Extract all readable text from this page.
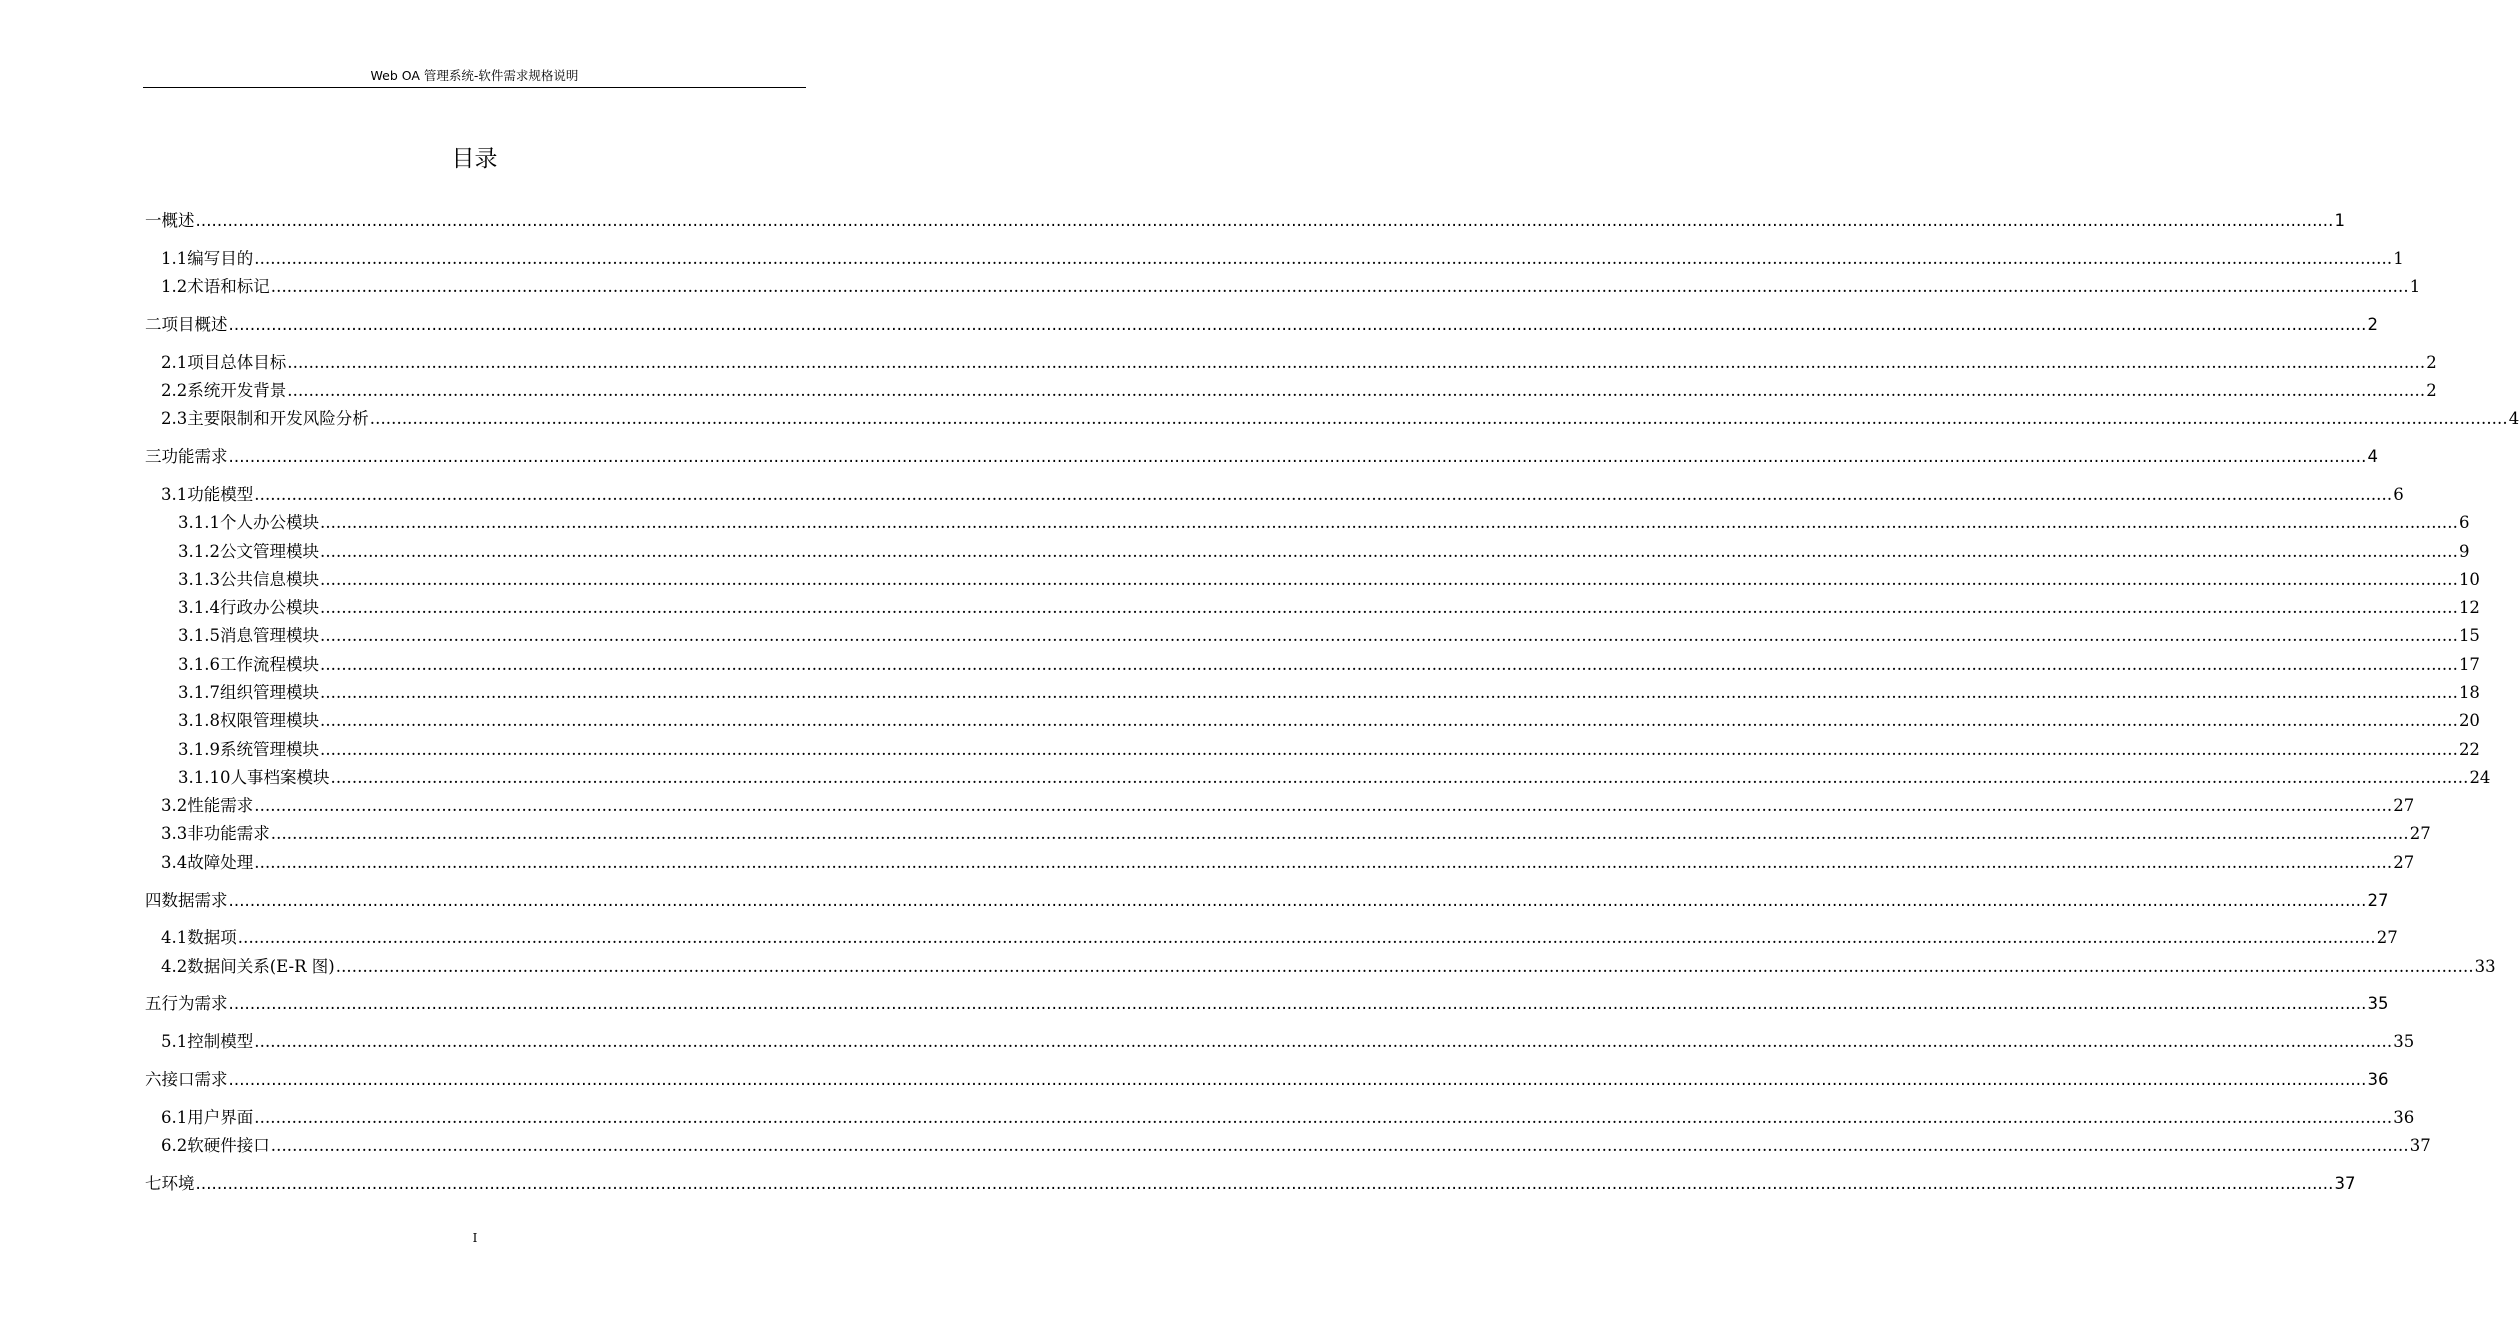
Web OA 管理系统-软件需求规格说明
目录
一 概述 ................................................................................................................................................................................................................................................................................................................................................................................................................ 1
1.1 编写目的 ................................................................................................................................................................................................................................................................................................................................................................................................................ 1
1.2 术语和标记 ................................................................................................................................................................................................................................................................................................................................................................................................................ 1
二 项目概述 ................................................................................................................................................................................................................................................................................................................................................................................................................ 2
2.1 项目总体目标 ................................................................................................................................................................................................................................................................................................................................................................................................................ 2
2.2 系统开发背景 ................................................................................................................................................................................................................................................................................................................................................................................................................ 2
2.3 主要限制和开发风险分析 ................................................................................................................................................................................................................................................................................................................................................................................................................ 4
三 功能需求 ................................................................................................................................................................................................................................................................................................................................................................................................................ 4
3.1 功能模型 ................................................................................................................................................................................................................................................................................................................................................................................................................ 6
3.1.1 个人办公模块 ................................................................................................................................................................................................................................................................................................................................................................................................................ 6
3.1.2 公文管理模块 ................................................................................................................................................................................................................................................................................................................................................................................................................ 9
3.1.3 公共信息模块 ................................................................................................................................................................................................................................................................................................................................................................................................................ 10
3.1.4 行政办公模块 ................................................................................................................................................................................................................................................................................................................................................................................................................ 12
3.1.5 消息管理模块 ................................................................................................................................................................................................................................................................................................................................................................................................................ 15
3.1.6 工作流程模块 ................................................................................................................................................................................................................................................................................................................................................................................................................ 17
3.1.7 组织管理模块 ................................................................................................................................................................................................................................................................................................................................................................................................................ 18
3.1.8 权限管理模块 ................................................................................................................................................................................................................................................................................................................................................................................................................ 20
3.1.9 系统管理模块 ................................................................................................................................................................................................................................................................................................................................................................................................................ 22
3.1.10 人事档案模块 ................................................................................................................................................................................................................................................................................................................................................................................................................ 24
3.2 性能需求 ................................................................................................................................................................................................................................................................................................................................................................................................................ 27
3.3 非功能需求 ................................................................................................................................................................................................................................................................................................................................................................................................................ 27
3.4 故障处理 ................................................................................................................................................................................................................................................................................................................................................................................................................ 27
四 数据需求 ................................................................................................................................................................................................................................................................................................................................................................................................................ 27
4.1 数据项 ................................................................................................................................................................................................................................................................................................................................................................................................................ 27
4.2 数据间关系(E-R 图) ................................................................................................................................................................................................................................................................................................................................................................................................................ 33
五 行为需求 ................................................................................................................................................................................................................................................................................................................................................................................................................ 35
5.1 控制模型 ................................................................................................................................................................................................................................................................................................................................................................................................................ 35
六 接口需求 ................................................................................................................................................................................................................................................................................................................................................................................................................ 36
6.1 用户界面 ................................................................................................................................................................................................................................................................................................................................................................................................................ 36
6.2 软硬件接口 ................................................................................................................................................................................................................................................................................................................................................................................................................ 37
七 环境 ................................................................................................................................................................................................................................................................................................................................................................................................................ 37
I
